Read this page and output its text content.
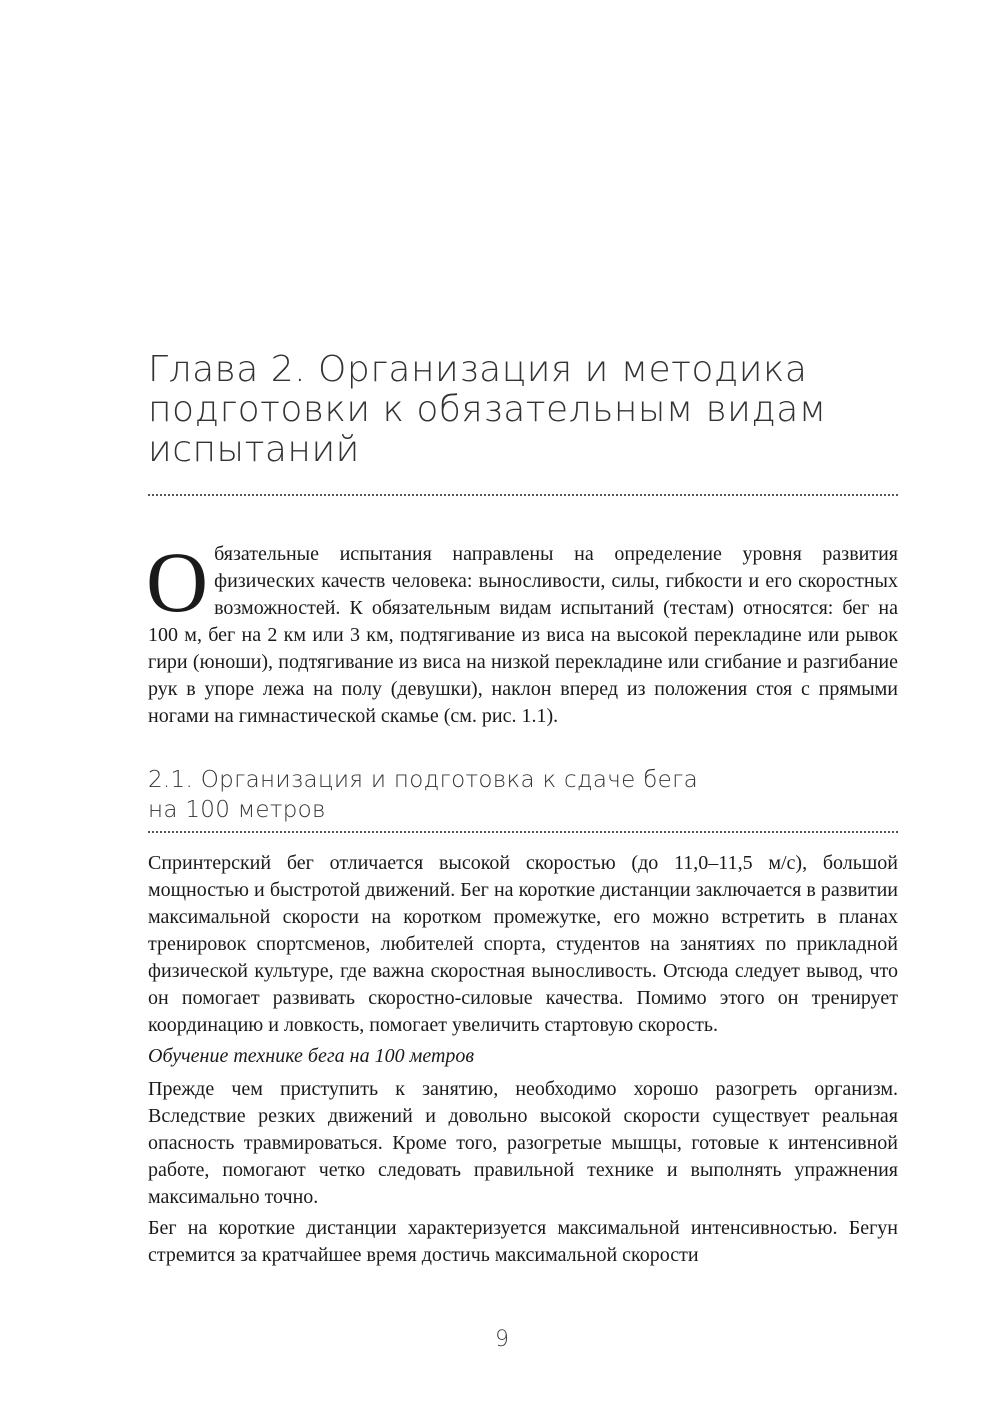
Глава 2. Организация и методика
подготовки к обязательным видам
испытаний

Обязательные испытания направлены на определение уровня развития физических качеств человека: выносливости, силы, гибкости и его скоростных возможностей. К обязательным видам испытаний (тестам) относятся: бег на 100 м, бег на 2 км или 3 км, подтягивание из виса на высокой перекладине или рывок гири (юноши), подтягивание из виса на низкой перекладине или сгибание и разгибание рук в упоре лежа на полу (девушки), наклон вперед из положения стоя с прямыми ногами на гимнастической скамье (см. рис. 1.1).

2.1. Организация и подготовка к сдаче бега
на 100 метров

Спринтерский бег отличается высокой скоростью (до 11,0–11,5 м/с), большой мощностью и быстротой движений. Бег на короткие дистанции заключается в развитии максимальной скорости на коротком промежутке, его можно встретить в планах тренировок спортсменов, любителей спорта, студентов на занятиях по прикладной физической культуре, где важна скоростная выносливость. Отсюда следует вывод, что он помогает развивать скоростно-силовые качества. Помимо этого он тренирует координацию и ловкость, помогает увеличить стартовую скорость.

Обучение технике бега на 100 метров

Прежде чем приступить к занятию, необходимо хорошо разогреть организм. Вследствие резких движений и довольно высокой скорости существует реальная опасность травмироваться. Кроме того, разогретые мышцы, готовые к интенсивной работе, помогают четко следовать правильной технике и выполнять упражнения максимально точно.

Бег на короткие дистанции характеризуется максимальной интенсивностью. Бегун стремится за кратчайшее время достичь максимальной скорости

9
